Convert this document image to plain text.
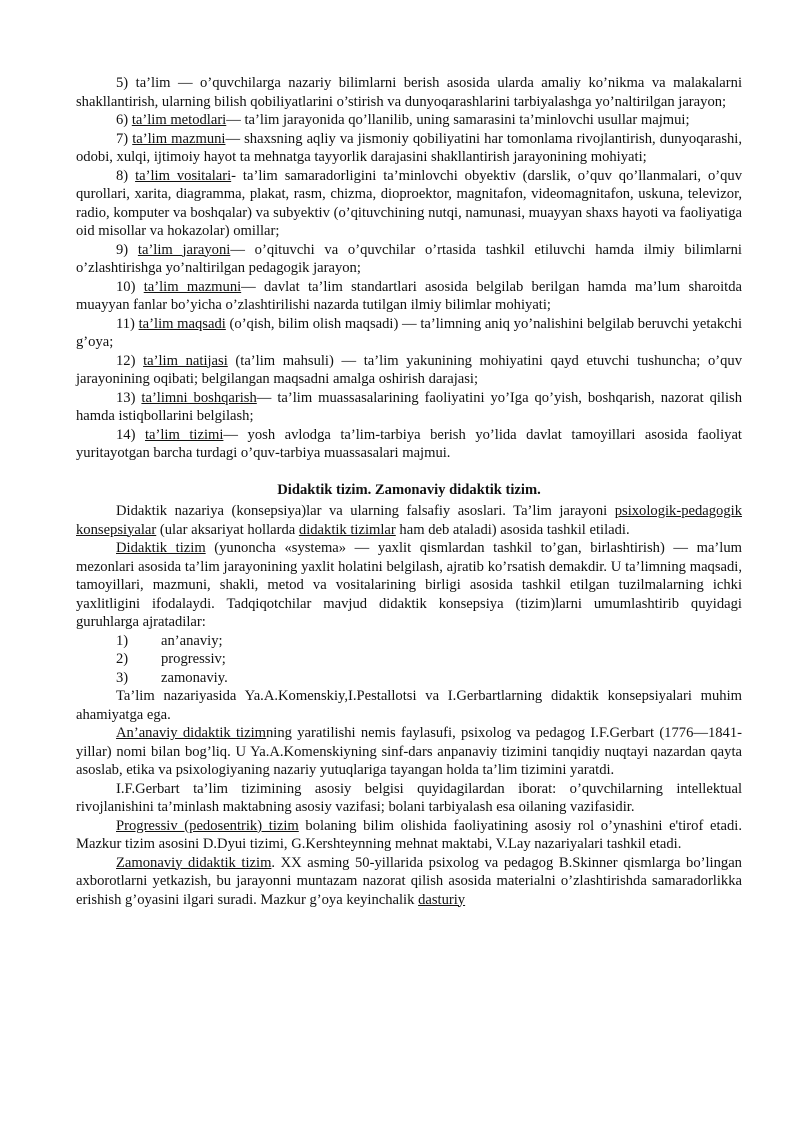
5) ta’lim — o’quvchilarga nazariy bilimlarni berish asosida ularda amaliy ko’nikma va malakalarni shakllantirish, ularning bilish qobiliyatlarini o’stirish va dunyoqarashlarini tarbiyalashga yo’naltirilgan jarayon;

6) ta’lim metodlari— ta’lim jarayonida qo’llanilib, uning samarasini ta’minlovchi usullar majmui;

7) ta’lim mazmuni— shaxsning aqliy va jismoniy qobiliyatini har tomonlama rivojlantirish, dunyoqarashi, odobi, xulqi, ijtimoiy hayot ta mehnatga tayyorlik darajasini shakllantirish jarayonining mohiyati;

8) ta’lim vositalari- ta’lim samaradorligini ta’minlovchi obyektiv (darslik, o’quv qo’llanmalari, o’quv qurollari, xarita, diagramma, plakat, rasm, chizma, dioproektor, magnitafon, videomagnitafon, uskuna, televizor, radio, komputer va boshqalar) va subyektiv (o’qituvchining nutqi, namunasi, muayyan shaxs hayoti va faoliyatiga oid misollar va hokazolar) omillar;

9) ta’lim jarayoni— o’qituvchi va o’quvchilar o’rtasida tashkil etiluvchi hamda ilmiy bilimlarni o’zlashtirishga yo’naltirilgan pedagogik jarayon;

10) ta’lim mazmuni— davlat ta’lim standartlari asosida belgilab berilgan hamda ma’lum sharoitda muayyan fanlar bo’yicha o’zlashtirilishi nazarda tutilgan ilmiy bilimlar mohiyati;

11) ta’lim maqsadi (o’qish, bilim olish maqsadi) — ta’limning aniq yo’nalishini belgilab beruvchi yetakchi g’oya;

12) ta’lim natijasi (ta’lim mahsuli) — ta’lim yakunining mohiyatini qayd etuvchi tushuncha; o’quv jarayonining oqibati; belgilangan maqsadni amalga oshirish darajasi;

13) ta’limni boshqarish— ta’lim muassasalarining faoliyatini yo’Iga qo’yish, boshqarish, nazorat qilish hamda istiqbollarini belgilash;

14) ta’lim tizimi— yosh avlodga ta’lim-tarbiya berish yo’lida davlat tamoyillari asosida faoliyat yuritayotgan barcha turdagi o’quv-tarbiya muassasalari majmui.

Didaktik tizim. Zamonaviy didaktik tizim.

Didaktik nazariya (konsepsiya)lar va ularning falsafiy asoslari. Ta’lim jarayoni psixologik-pedagogik konsepsiyalar (ular aksariyat hollarda didaktik tizimlar ham deb ataladi) asosida tashkil etiladi.

Didaktik tizim (yunoncha «systema» — yaxlit qismlardan tashkil to’gan, birlashtirish) — ma’lum mezonlari asosida ta’lim jarayonining yaxlit holatini belgilash, ajratib ko’rsatish demakdir. U ta’limning maqsadi, tamoyillari, mazmuni, shakli, metod va vositalarining birligi asosida tashkil etilgan tuzilmalarning ichki yaxlitligini ifodalaydi. Tadqiqotchilar mavjud didaktik konsepsiya (tizim)larni umumlashtirib quyidagi guruhlarga ajratadilar:

1)	an’anaviy;
2)	progressiv;
3)	zamonaviy.

Ta’lim nazariyasida Ya.A.Komenskiy,I.Pestallotsi va I.Gerbartlarning didaktik konsepsiyalari muhim ahamiyatga ega.

An’anaviy didaktik tizimning yaratilishi nemis faylasufi, psixolog va pedagog I.F.Gerbart (1776—1841-yillar) nomi bilan bog’liq. U Ya.A.Komenskiyning sinf-dars anpanaviy tizimini tanqidiy nuqtayi nazardan qayta asoslab, etika va psixologiyaning nazariy yutuqlariga tayangan holda ta’lim tizimini yaratdi.

I.F.Gerbart ta’lim tizimining asosiy belgisi quyidagilardan iborat: o’quvchilarning intellektual rivojlanishini ta’minlash maktabning asosiy vazifasi; bolani tarbiyalash esa oilaning vazifasidir.

Progressiv (pedosentrik) tizim bolaning bilim olishida faoliyatining asosiy rol o’ynashini e'tirof etadi. Mazkur tizim asosini D.Dyui tizimi, G.Kershteynning mehnat maktabi, V.Lay nazariyalari tashkil etadi.

Zamonaviy didaktik tizim. XX asming 50-yillarida psixolog va pedagog B.Skinner qismlarga bo’lingan axborotlarni yetkazish, bu jarayonni muntazam nazorat qilish asosida materialni o’zlashtirishda samaradorlikka erishish g’oyasini ilgari suradi. Mazkur g’oya keyinchalik dasturiy
